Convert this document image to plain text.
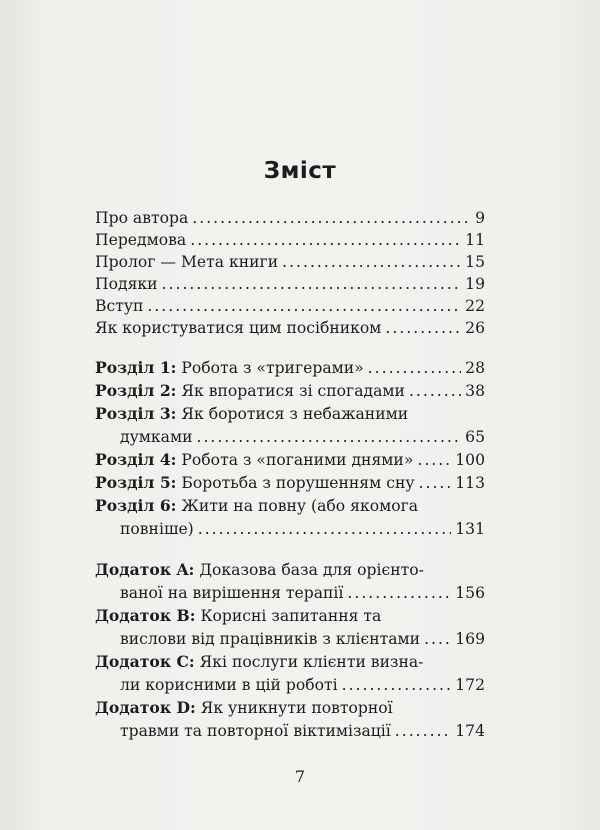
Зміст
Про автора .....	9
Передмова .....	11
Пролог — Мета книги .....	15
Подяки .....	19
Вступ .....	22
Як користуватися цим посібником .....	26
Розділ 1: Робота з «тригерами» .....	28
Розділ 2: Як впоратися зі спогадами .....	38
Розділ 3: Як боротися з небажаними
думками .....	65
Розділ 4: Робота з «поганими днями» .....	100
Розділ 5: Боротьба з порушенням сну .....	113
Розділ 6: Жити на повну (або якомога
повніше) .....	131
Додаток A: Доказова база для орієнто-
ваної на вирішення терапії .....	156
Додаток B: Корисні запитання та
вислови від працівників з клієнтами ..... 169
Додаток C: Які послуги клієнти визна-
ли корисними в цій роботі .....	172
Додаток D: Як уникнути повторної
травми та повторної віктимізації .....	174
7
